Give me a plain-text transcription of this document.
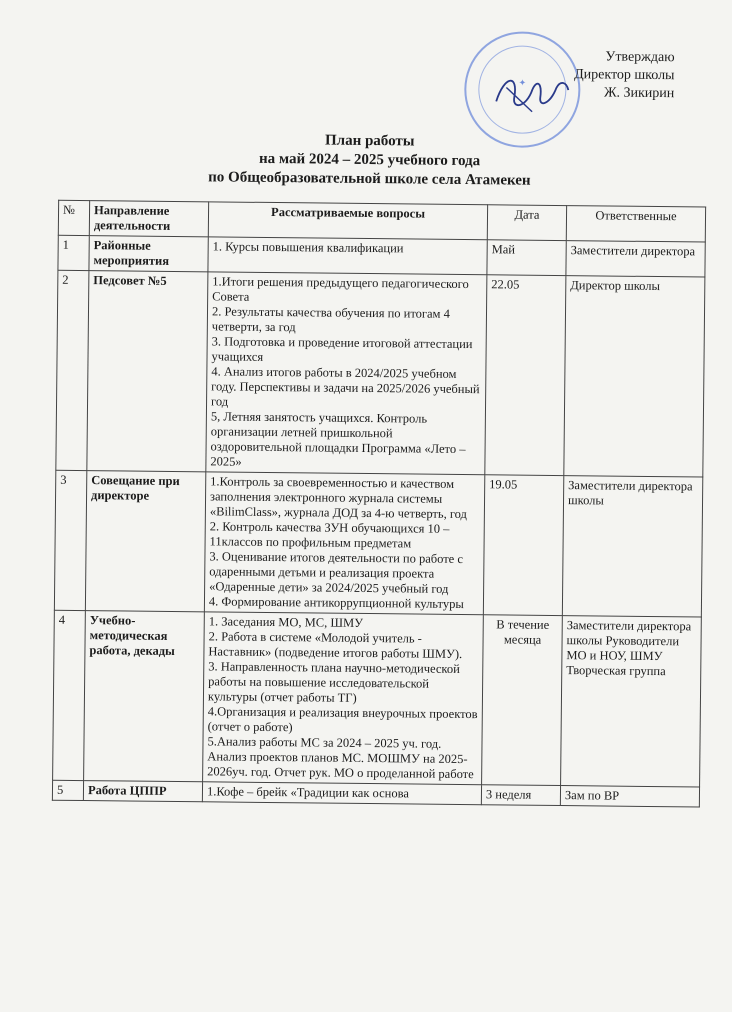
✦
Утверждаю
Директор школы
Ж. Зикирин
План работы
на май 2024 – 2025 учебного года
по Общеобразовательной школе села Атамекен
№	Направление деятельности	Рассматриваемые вопросы	Дата	Ответственные
1	Районные мероприятия	1. Курсы повышения квалификации	Май	Заместители директора
2	Педсовет №5	1.Итоги решения предыдущего педагогического Совета
2. Результаты качества обучения по итогам 4 четверти, за год
3. Подготовка и проведение итоговой аттестации учащихся
4. Анализ итогов работы в 2024/2025 учебном году. Перспективы и задачи на 2025/2026 учебный год
5, Летняя занятость учащихся. Контроль организации летней пришкольной оздоровительной площадки Программа «Лето – 2025»	22.05	Директор школы
3	Совещание при директоре	1.Контроль за своевременностью и качеством заполнения электронного журнала системы «BilimClass», журнала ДОД за 4-ю четверть, год
2. Контроль качества ЗУН обучающихся 10 – 11классов по профильным предметам
3. Оценивание итогов деятельности по работе с одаренными детьми и реализация проекта «Одаренные дети» за 2024/2025 учебный год
4. Формирование антикоррупционной культуры	19.05	Заместители директора школы
4	Учебно-методическая работа, декады	1. Заседания МО, МС, ШМУ
2. Работа в системе «Молодой учитель - Наставник» (подведение итогов работы ШМУ).
3. Направленность плана научно-методической работы на повышение исследовательской культуры (отчет работы ТГ)
4.Организация и реализация внеурочных проектов (отчет о работе)
5.Анализ работы МС за 2024 – 2025 уч. год. Анализ проектов планов МС. МОШМУ на 2025-2026уч. год. Отчет рук. МО о проделанной работе	В течение месяца	Заместители директора школы Руководители МО и НОУ, ШМУ Творческая группа
5	Работа ЦППР	1.Кофе – брейк «Традиции как основа	3 неделя	Зам по ВР
